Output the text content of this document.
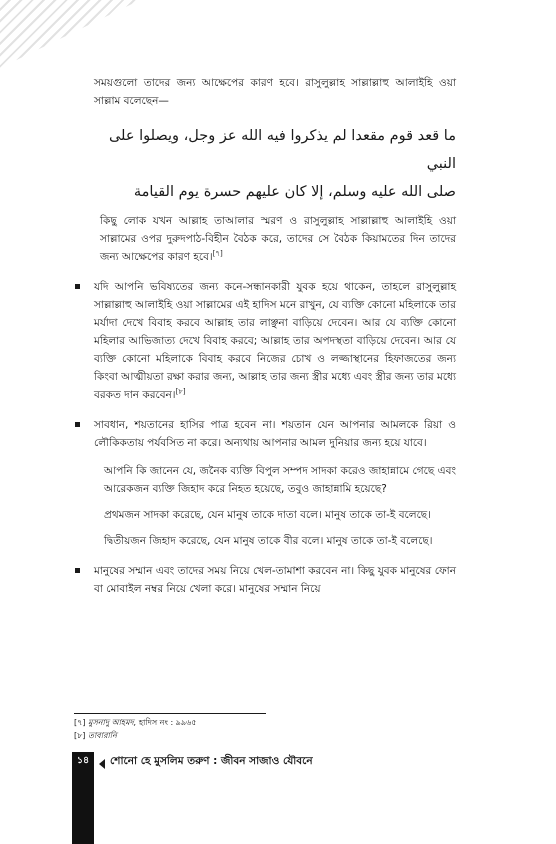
সময়গুলো তাদের জন্য আক্ষেপের কারণ হবে। রাসুলুল্লাহ সাল্লাল্লাহু আলাইহি ওয়া সাল্লাম বলেছেন—

ما قعد قوم مقعدا لم يذكروا فيه الله عز وجل، ويصلوا على النبي
صلى الله عليه وسلم، إلا كان عليهم حسرة يوم القيامة

কিছু লোক যখন আল্লাহ তাআলার স্মরণ ও রাসুলুল্লাহ সাল্লাল্লাহু আলাইহি ওয়া সাল্লামের ওপর দুরুদপাঠ-বিহীন বৈঠক করে, তাদের সে বৈঠক কিয়ামতের দিন তাদের জন্য আক্ষেপের কারণ হবে।[৭]

যদি আপনি ভবিষ্যতের জন্য কনে-সন্ধানকারী যুবক হয়ে থাকেন, তাহলে রাসুলুল্লাহ সাল্লাল্লাহু আলাইহি ওয়া সাল্লামের এই হাদিস মনে রাখুন, যে ব্যক্তি কোনো মহিলাকে তার মর্যাদা দেখে বিবাহ করবে আল্লাহ তার লাঞ্ছনা বাড়িয়ে দেবেন। আর যে ব্যক্তি কোনো মহিলার আভিজাত্য দেখে বিবাহ করবে; আল্লাহ তার অপদস্থতা বাড়িয়ে দেবেন। আর যে ব্যক্তি কোনো মহিলাকে বিবাহ করবে নিজের চোখ ও লজ্জাস্থানের হিফাজতের জন্য কিংবা আত্মীয়তা রক্ষা করার জন্য, আল্লাহ তার জন্য স্ত্রীর মধ্যে এবং স্ত্রীর জন্য তার মধ্যে বরকত দান করবেন।[৮]

সাবধান, শয়তানের হাসির পাত্র হবেন না। শয়তান যেন আপনার আমলকে রিয়া ও লৌকিকতায় পর্যবসিত না করে। অন্যথায় আপনার আমল দুনিয়ার জন্য হয়ে যাবে।

আপনি কি জানেন যে, জনৈক ব্যক্তি বিপুল সম্পদ সাদকা করেও জাহান্নামে গেছে এবং আরেকজন ব্যক্তি জিহাদ করে নিহত হয়েছে, তবুও জাহান্নামি হয়েছে?

প্রথমজন সাদকা করেছে, যেন মানুষ তাকে দাতা বলে। মানুষ তাকে তা-ই বলেছে।

দ্বিতীয়জন জিহাদ করেছে, যেন মানুষ তাকে বীর বলে। মানুষ তাকে তা-ই বলেছে।

মানুষের সম্মান এবং তাদের সময় নিয়ে খেল-তামাশা করবেন না। কিছু যুবক মানুষের ফোন বা মোবাইল নম্বর নিয়ে খেলা করে। মানুষের সম্মান নিয়ে

[৭] মুসনাদু আহমদ, হাদিস নং : ৯৯৬৫
[৮] তাবারানি
১৪	শোনো হে মুসলিম তরুণ : জীবন সাজাও যৌবনে
